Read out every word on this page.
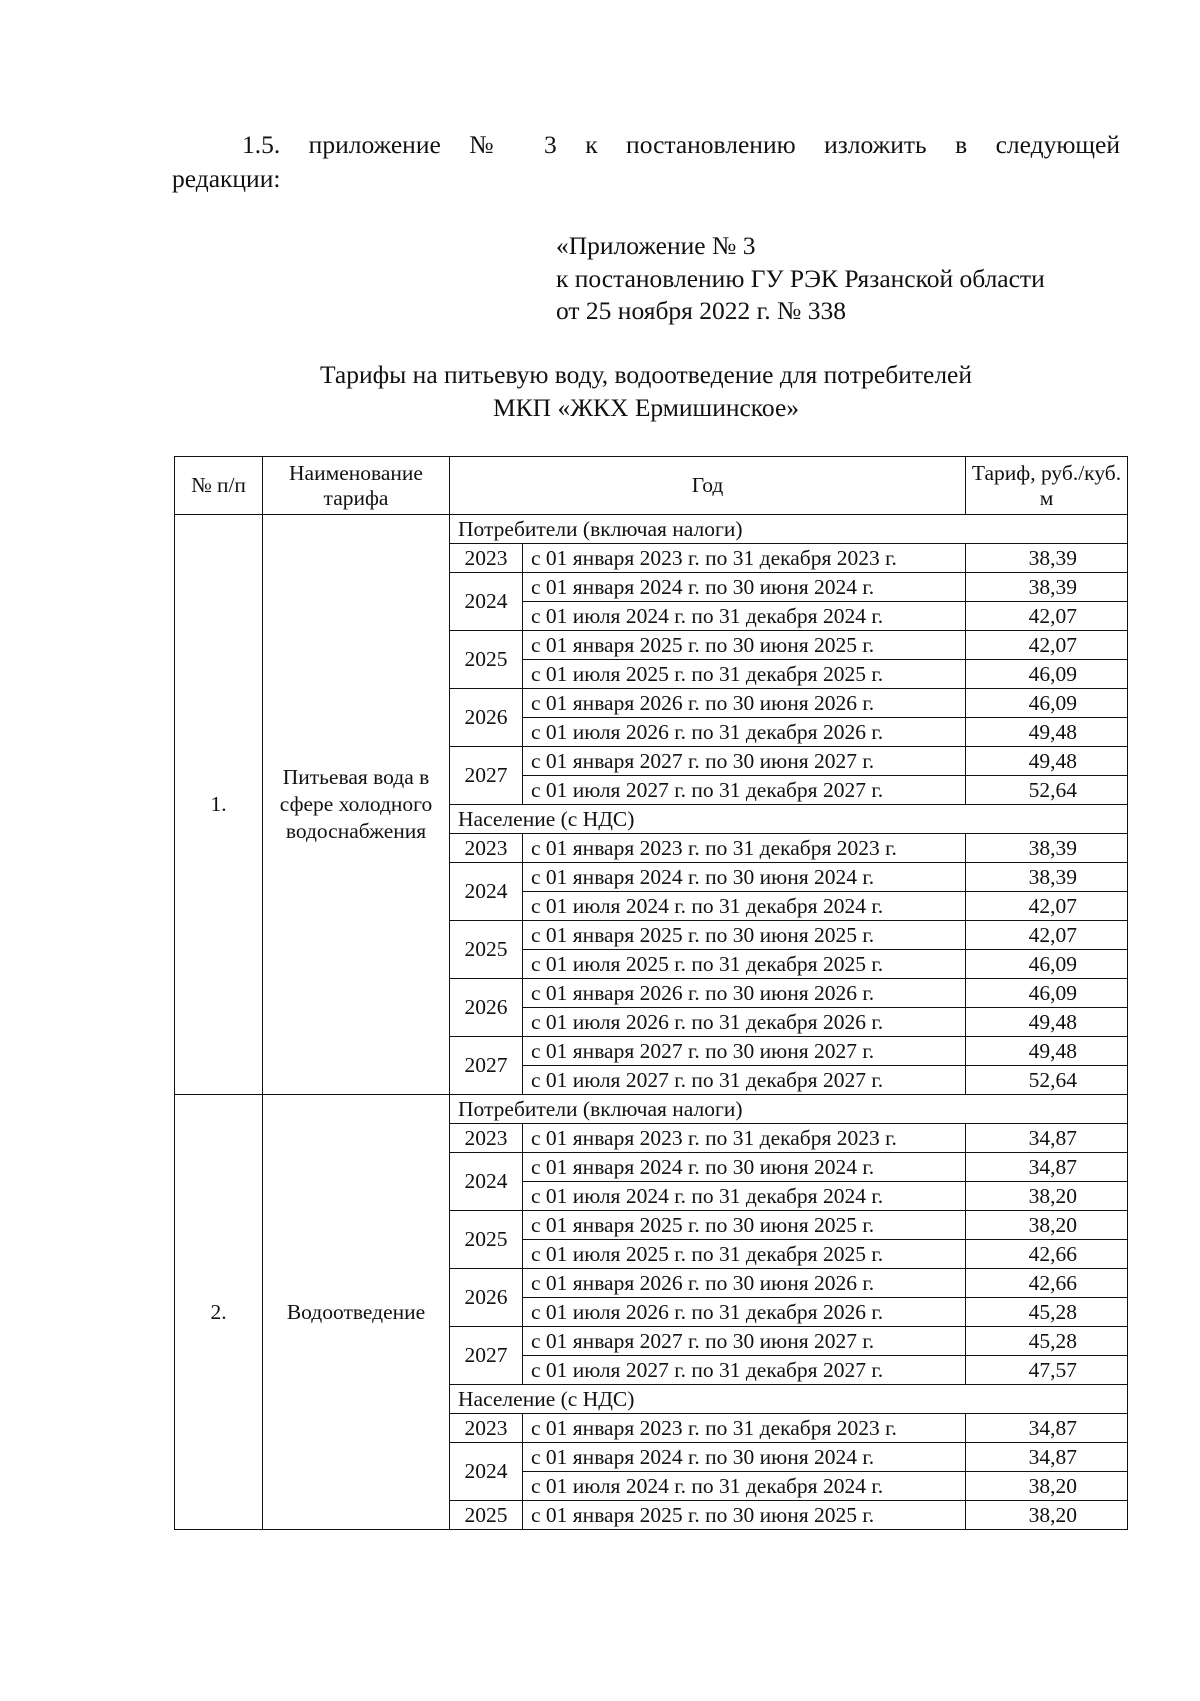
1.5. приложение № 3 к постановлению изложить в следующей
редакции:
«Приложение № 3
к постановлению ГУ РЭК Рязанской области
от 25 ноября 2022 г. № 338
Тарифы на питьевую воду, водоотведение для потребителей
МКП «ЖКХ Ермишинское»
№ п/п	Наименование тарифа	Год		Тариф, руб./куб. м
1.	Питьевая вода в сфере холодного водоснабжения	Потребители (включая налоги)		
		2023	с 01 января 2023 г. по 31 декабря 2023 г.	38,39
		2024	с 01 января 2024 г. по 30 июня 2024 г.	38,39
			с 01 июля 2024 г. по 31 декабря 2024 г.	42,07
		2025	с 01 января 2025 г. по 30 июня 2025 г.	42,07
			с 01 июля 2025 г. по 31 декабря 2025 г.	46,09
		2026	с 01 января 2026 г. по 30 июня 2026 г.	46,09
			с 01 июля 2026 г. по 31 декабря 2026 г.	49,48
		2027	с 01 января 2027 г. по 30 июня 2027 г.	49,48
			с 01 июля 2027 г. по 31 декабря 2027 г.	52,64
		Население (с НДС)		
		2023	с 01 января 2023 г. по 31 декабря 2023 г.	38,39
		2024	с 01 января 2024 г. по 30 июня 2024 г.	38,39
			с 01 июля 2024 г. по 31 декабря 2024 г.	42,07
		2025	с 01 января 2025 г. по 30 июня 2025 г.	42,07
			с 01 июля 2025 г. по 31 декабря 2025 г.	46,09
		2026	с 01 января 2026 г. по 30 июня 2026 г.	46,09
			с 01 июля 2026 г. по 31 декабря 2026 г.	49,48
		2027	с 01 января 2027 г. по 30 июня 2027 г.	49,48
			с 01 июля 2027 г. по 31 декабря 2027 г.	52,64
2.	Водоотведение	Потребители (включая налоги)		
		2023	с 01 января 2023 г. по 31 декабря 2023 г.	34,87
		2024	с 01 января 2024 г. по 30 июня 2024 г.	34,87
			с 01 июля 2024 г. по 31 декабря 2024 г.	38,20
		2025	с 01 января 2025 г. по 30 июня 2025 г.	38,20
			с 01 июля 2025 г. по 31 декабря 2025 г.	42,66
		2026	с 01 января 2026 г. по 30 июня 2026 г.	42,66
			с 01 июля 2026 г. по 31 декабря 2026 г.	45,28
		2027	с 01 января 2027 г. по 30 июня 2027 г.	45,28
			с 01 июля 2027 г. по 31 декабря 2027 г.	47,57
		Население (с НДС)		
		2023	с 01 января 2023 г. по 31 декабря 2023 г.	34,87
		2024	с 01 января 2024 г. по 30 июня 2024 г.	34,87
			с 01 июля 2024 г. по 31 декабря 2024 г.	38,20
		2025	с 01 января 2025 г. по 30 июня 2025 г.	38,20
